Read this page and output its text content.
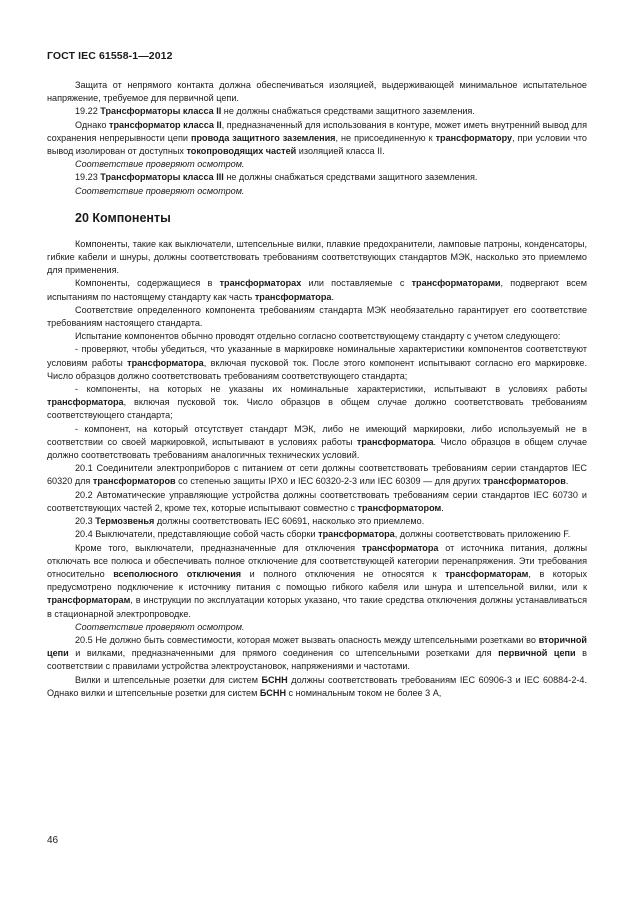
ГОСТ IEC 61558-1—2012

Защита от непрямого контакта должна обеспечиваться изоляцией, выдерживающей минимальное испытательное напряжение, требуемое для первичной цепи.

19.22 Трансформаторы класса II не должны снабжаться средствами защитного заземления.

Однако трансформатор класса II, предназначенный для использования в контуре, может иметь внутренний вывод для сохранения непрерывности цепи провода защитного заземления, не присоединенную к трансформатору, при условии что вывод изолирован от доступных токопроводящих частей изоляцией класса II.

Соответствие проверяют осмотром.

19.23 Трансформаторы класса III не должны снабжаться средствами защитного заземления.

Соответствие проверяют осмотром.

20 Компоненты

Компоненты, такие как выключатели, штепсельные вилки, плавкие предохранители, ламповые патроны, конденсаторы, гибкие кабели и шнуры, должны соответствовать требованиям соответствующих стандартов МЭК, насколько это приемлемо для применения.

Компоненты, содержащиеся в трансформаторах или поставляемые с трансформаторами, подвергают всем испытаниям по настоящему стандарту как часть трансформатора.

Соответствие определенного компонента требованиям стандарта МЭК необязательно гарантирует его соответствие требованиям настоящего стандарта.

Испытание компонентов обычно проводят отдельно согласно соответствующему стандарту с учетом следующего:

- проверяют, чтобы убедиться, что указанные в маркировке номинальные характеристики компонентов соответствуют условиям работы трансформатора, включая пусковой ток. После этого компонент испытывают согласно его маркировке. Число образцов должно соответствовать требованиям соответствующего стандарта;

- компоненты, на которых не указаны их номинальные характеристики, испытывают в условиях работы трансформатора, включая пусковой ток. Число образцов в общем случае должно соответствовать требованиям соответствующего стандарта;

- компонент, на который отсутствует стандарт МЭК, либо не имеющий маркировки, либо используемый не в соответствии со своей маркировкой, испытывают в условиях работы трансформатора. Число образцов в общем случае должно соответствовать требованиям аналогичных технических условий.

20.1 Соединители электроприборов с питанием от сети должны соответствовать требованиям серии стандартов IEC 60320 для трансформаторов со степенью защиты IPX0 и IEC 60320-2-3 или IEC 60309 — для других трансформаторов.

20.2 Автоматические управляющие устройства должны соответствовать требованиям серии стандартов IEC 60730 и соответствующих частей 2, кроме тех, которые испытывают совместно с трансформатором.

20.3 Термозвенья должны соответствовать IEC 60691, насколько это приемлемо.

20.4 Выключатели, представляющие собой часть сборки трансформатора, должны соответствовать приложению F.

Кроме того, выключатели, предназначенные для отключения трансформатора от источника питания, должны отключать все полюса и обеспечивать полное отключение для соответствующей категории перенапряжения. Эти требования относительно всеполюсного отключения и полного отключения не относятся к трансформаторам, в которых предусмотрено подключение к источнику питания с помощью гибкого кабеля или шнура и штепсельной вилки, или к трансформаторам, в инструкции по эксплуатации которых указано, что такие средства отключения должны устанавливаться в стационарной электропроводке.

Соответствие проверяют осмотром.

20.5 Не должно быть совместимости, которая может вызвать опасность между штепсельными розетками во вторичной цепи и вилками, предназначенными для прямого соединения со штепсельными розетками для первичной цепи в соответствии с правилами устройства электроустановок, напряжениями и частотами.

Вилки и штепсельные розетки для систем БСНН должны соответствовать требованиям IEC 60906-3 и IEC 60884-2-4. Однако вилки и штепсельные розетки для систем БСНН с номинальным током не более 3 А,

46
